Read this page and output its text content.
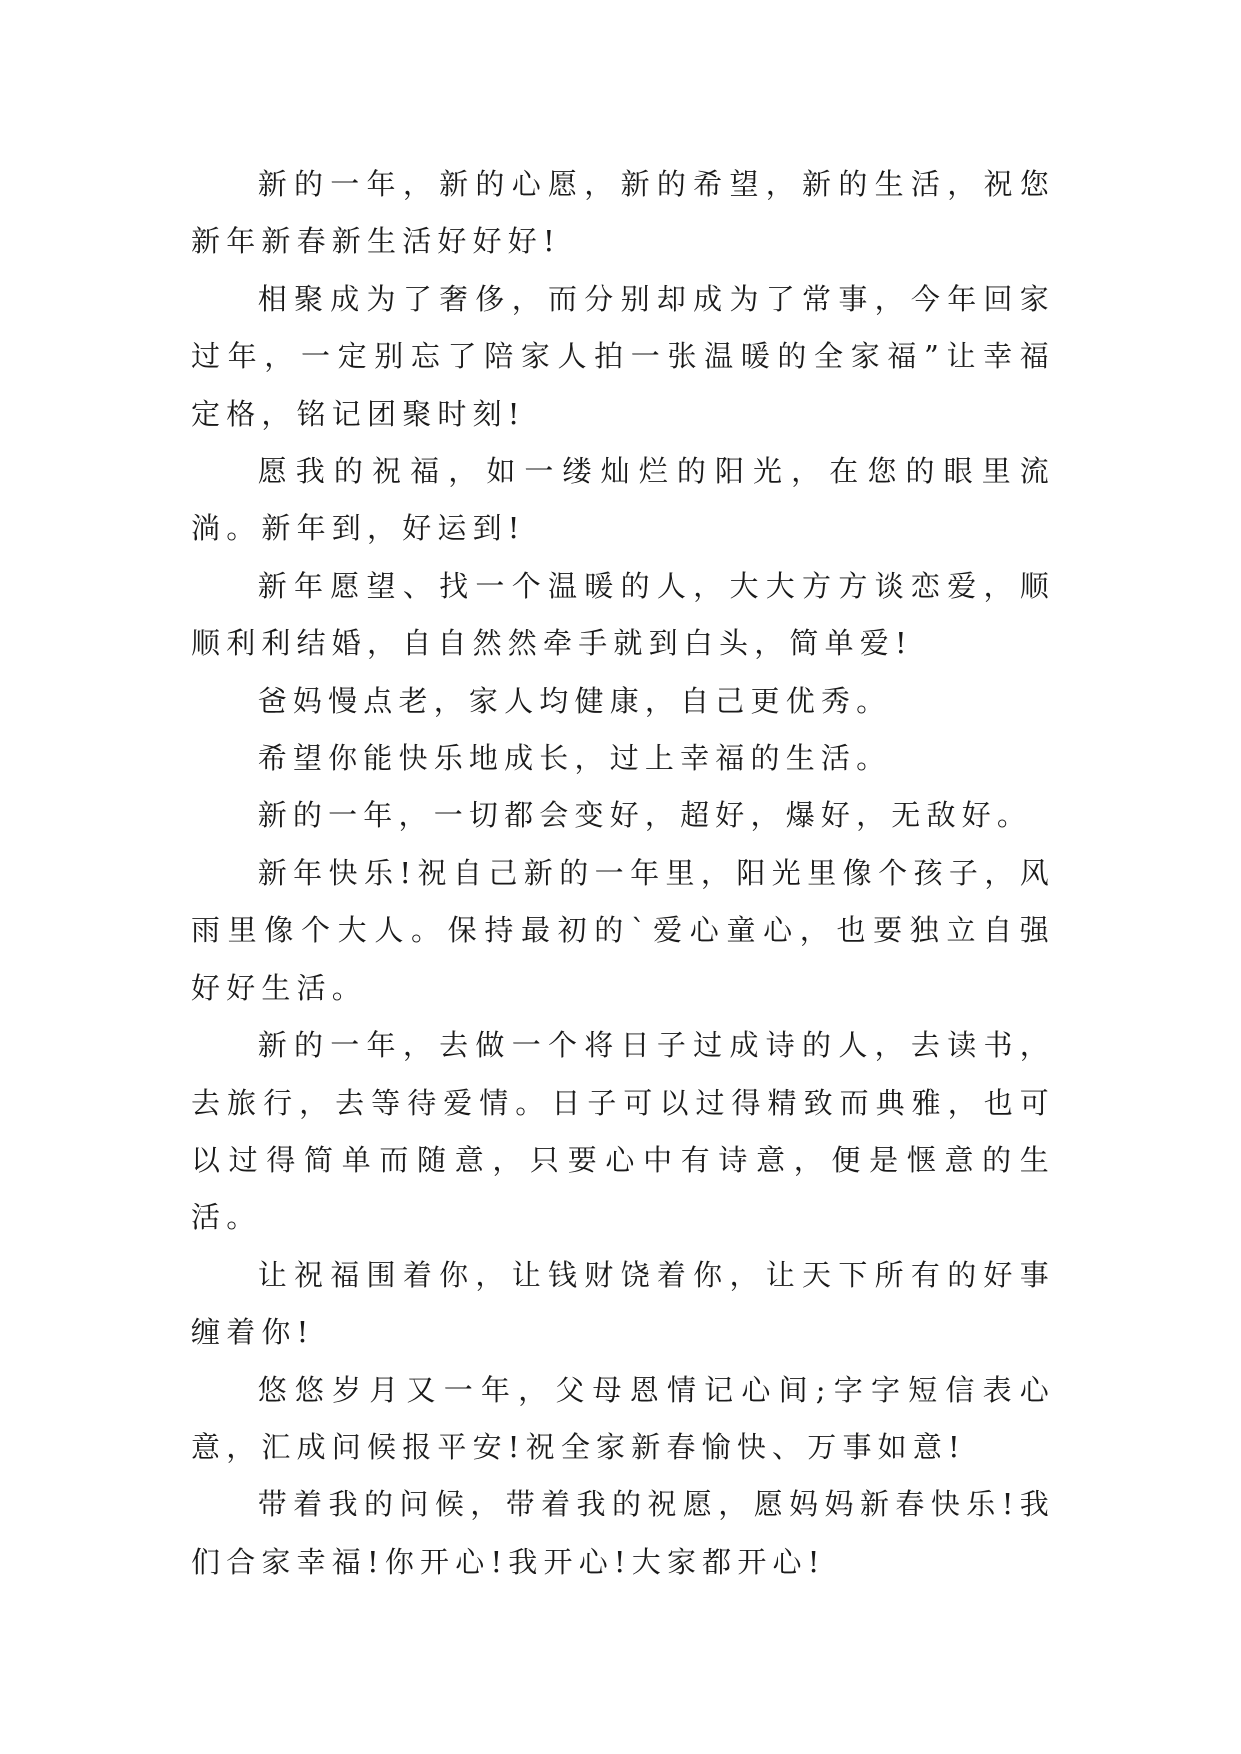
新的一年，新的心愿，新的希望，新的生活，祝您新年新春新生活好好好!

相聚成为了奢侈，而分别却成为了常事，今年回家过年，一定别忘了陪家人拍一张温暖的全家福”让幸福定格，铭记团聚时刻!

愿我的祝福，如一缕灿烂的阳光，在您的眼里流淌。新年到，好运到!

新年愿望、找一个温暖的人，大大方方谈恋爱，顺顺利利结婚，自自然然牵手就到白头，简单爱!

爸妈慢点老，家人均健康，自己更优秀。

希望你能快乐地成长，过上幸福的生活。

新的一年，一切都会变好，超好，爆好，无敌好。

新年快乐!祝自己新的一年里，阳光里像个孩子，风雨里像个大人。保持最初的`爱心童心，也要独立自强好好生活。

新的一年，去做一个将日子过成诗的人，去读书，去旅行，去等待爱情。日子可以过得精致而典雅，也可以过得简单而随意，只要心中有诗意，便是惬意的生活。

让祝福围着你，让钱财饶着你，让天下所有的好事缠着你!

悠悠岁月又一年，父母恩情记心间;字字短信表心意，汇成问候报平安!祝全家新春愉快、万事如意!

带着我的问候，带着我的祝愿，愿妈妈新春快乐!我们合家幸福!你开心!我开心!大家都开心!
